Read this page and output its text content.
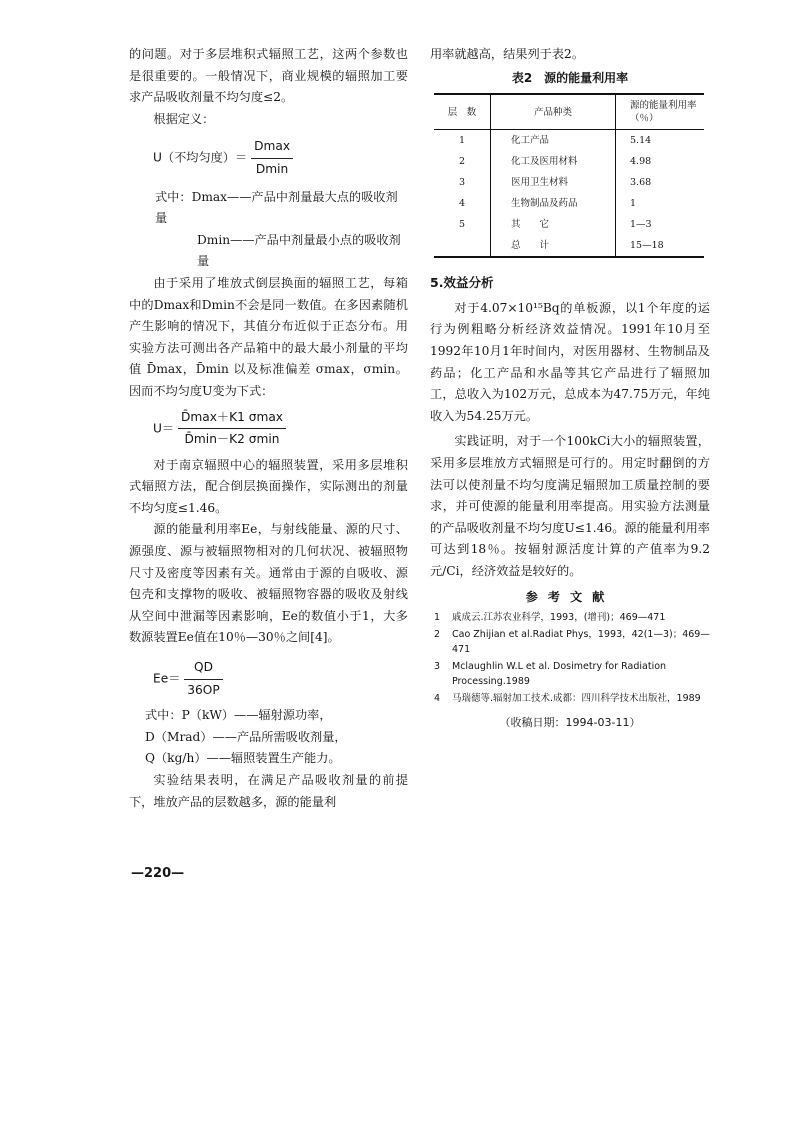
的问题。对于多层堆积式辐照工艺，这两个参数也是很重要的。一般情况下，商业规模的辐照加工要求产品吸收剂量不均匀度≤2。

根据定义：

U（不均匀度）＝ $\frac{Dmax}{Dmin}$
式中：Dmax——产品中剂量最大点的吸收剂量
Dmin——产品中剂量最小点的吸收剂量

由于采用了堆放式倒层换面的辐照工艺，每箱中的Dmax和Dmin不会是同一数值。在多因素随机产生影响的情况下，其值分布近似于正态分布。用实验方法可测出各产品箱中的最大最小剂量的平均值 D̄max，D̄min 以及标准偏差 σmax，σmin。因而不均匀度U变为下式：

$U= \frac{D̄\max+K1 \sigma\max}{D̄\min-K2 \sigma\min}$

对于南京辐照中心的辐照装置，采用多层堆积式辐照方法，配合倒层换面操作，实际测出的剂量不均匀度≤1.46。

源的能量利用率Ee，与射线能量、源的尺寸、源强度、源与被辐照物相对的几何状况、被辐照物尺寸及密度等因素有关。通常由于源的自吸收、源包壳和支撑物的吸收、被辐照物容器的吸收及射线从空间中泄漏等因素影响，Ee的数值小于1，大多数源装置Ee值在10％—30％之间[4]。

$Ee= \frac{QD}{36OP}$
式中：P（kW）——辐射源功率，
D（Mrad）——产品所需吸收剂量，
Q（kg/h）——辐照装置生产能力。

实验结果表明，在满足产品吸收剂量的前提下，堆放产品的层数越多，源的能量利

用率就越高，结果列于表2。

表2　源的能量利用率
层　数	产品种类	源的能量利用率（％）
1	化工产品	5.14
2	化工及医用材料	4.98
3	医用卫生材料	3.68
4	生物制品及药品	1
5	其　　它	1—3
	总　　计	15—18
5.效益分析

对于4.07×10¹⁵Bq的单板源，以1个年度的运行为例粗略分析经济效益情况。1991年10月至1992年10月1年时间内，对医用器材、生物制品及药品；化工产品和水晶等其它产品进行了辐照加工，总收入为102万元，总成本为47.75万元，年纯收入为54.25万元。

实践证明，对于一个100kCi大小的辐照装置，采用多层堆放方式辐照是可行的。用定时翻倒的方法可以使剂量不均匀度满足辐照加工质量控制的要求，并可使源的能量利用率提高。用实验方法测量的产品吸收剂量不均匀度U≤1.46。源的能量利用率可达到18％。按辐射源活度计算的产值率为9.2元/Ci，经济效益是较好的。

参考文献
1	戚成云.江苏农业科学，1993，(增刊)；469—471
2	Cao Zhijian et al.Radiat Phys，1993，42(1—3)；469—471
3	Mclaughlin W.L et al. Dosimetry for Radiation Processing.1989
4	马瑞德等.辐射加工技术.成都：四川科学技术出版社，1989
（收稿日期：1994-03-11）
—220—
